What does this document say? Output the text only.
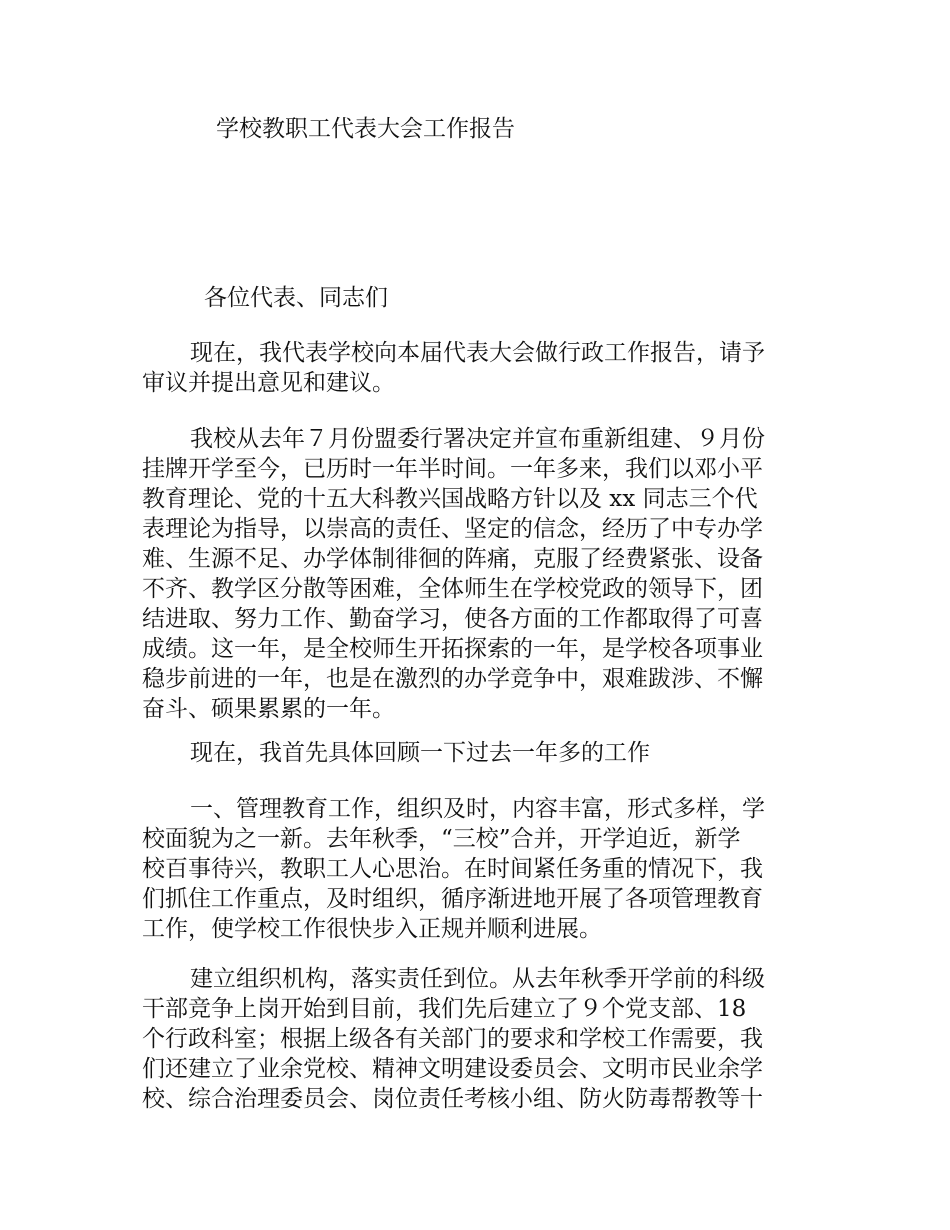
学校教职工代表大会工作报告
各位代表、同志们
现在，我代表学校向本届代表大会做行政工作报告，请予
审议并提出意见和建议。
我校从去年７月份盟委行署决定并宣布重新组建、９月份
挂牌开学至今，已历时一年半时间。一年多来，我们以邓小平
教育理论、党的十五大科教兴国战略方针以及 xx 同志三个代
表理论为指导，以崇高的责任、坚定的信念，经历了中专办学
难、生源不足、办学体制徘徊的阵痛，克服了经费紧张、设备
不齐、教学区分散等困难，全体师生在学校党政的领导下，团
结进取、努力工作、勤奋学习，使各方面的工作都取得了可喜
成绩。这一年，是全校师生开拓探索的一年，是学校各项事业
稳步前进的一年，也是在激烈的办学竞争中，艰难跋涉、不懈
奋斗、硕果累累的一年。
现在，我首先具体回顾一下过去一年多的工作
一、管理教育工作，组织及时，内容丰富，形式多样，学
校面貌为之一新。去年秋季，“三校”合并，开学迫近，新学
校百事待兴，教职工人心思治。在时间紧任务重的情况下，我
们抓住工作重点，及时组织，循序渐进地开展了各项管理教育
工作，使学校工作很快步入正规并顺利进展。
建立组织机构，落实责任到位。从去年秋季开学前的科级
干部竞争上岗开始到目前，我们先后建立了９个党支部、18
个行政科室；根据上级各有关部门的要求和学校工作需要，我
们还建立了业余党校、精神文明建设委员会、文明市民业余学
校、综合治理委员会、岗位责任考核小组、防火防毒帮教等十
